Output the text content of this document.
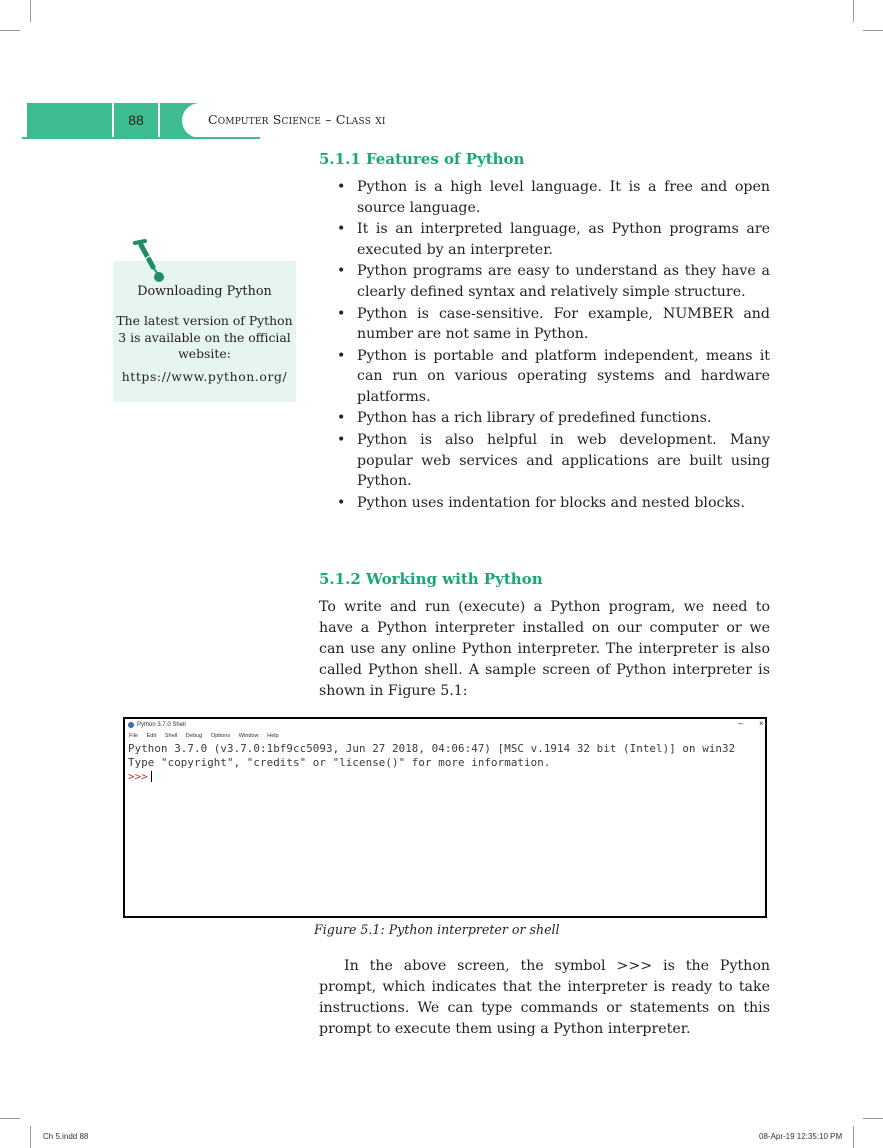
88	Computer Science – Class xi
5.1.1 Features of Python
• Python is a high level language. It is a free and open source language.
• It is an interpreted language, as Python programs are executed by an interpreter.
• Python programs are easy to understand as they have a clearly defined syntax and relatively simple structure.
• Python is case-sensitive. For example, NUMBER and number are not same in Python.
• Python is portable and platform independent, means it can run on various operating systems and hardware platforms.
• Python has a rich library of predefined functions.
• Python is also helpful in web development. Many popular web services and applications are built using Python.
• Python uses indentation for blocks and nested blocks.
Downloading Python
The latest version of Python 3 is available on the official website:
https://www.python.org/
5.1.2 Working with Python
To write and run (execute) a Python program, we need to have a Python interpreter installed on our computer or we can use any online Python interpreter. The interpreter is also called Python shell. A sample screen of Python interpreter is shown in Figure 5.1:
Python 3.7.0 Shell	– ×
File Edit Shell Debug Options Window Help
Python 3.7.0 (v3.7.0:1bf9cc5093, Jun 27 2018, 04:06:47) [MSC v.1914 32 bit (Intel)] on win32
Type "copyright", "credits" or "license()" for more information.
>>>
Figure 5.1: Python interpreter or shell
In the above screen, the symbol >>> is the Python prompt, which indicates that the interpreter is ready to take instructions. We can type commands or statements on this prompt to execute them using a Python interpreter.
Ch 5.indd 88	08-Apr-19 12:35:10 PM
